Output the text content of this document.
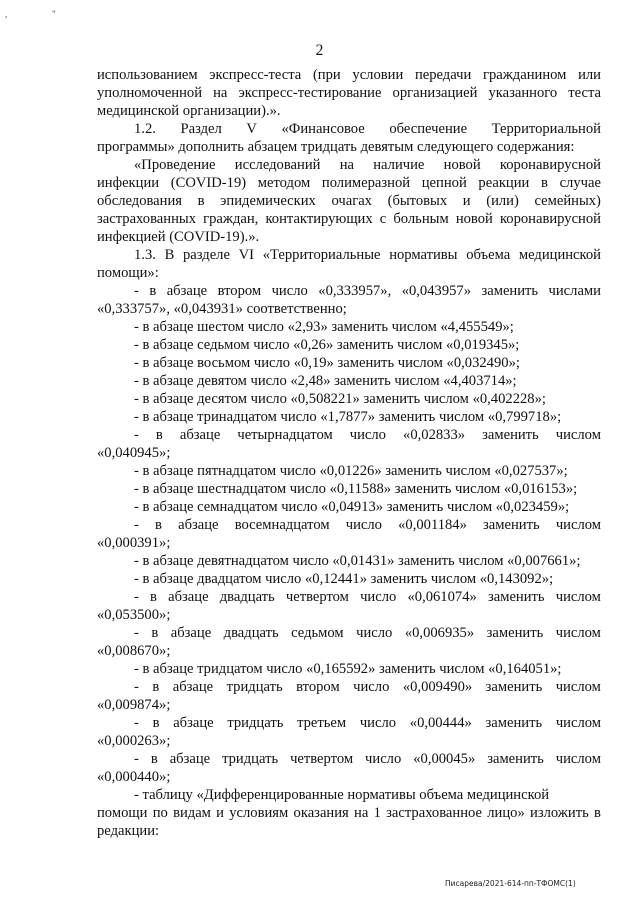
,	"
2
использованием экспресс-теста (при условии передачи гражданином или
уполномоченной на экспресс-тестирование организацией указанного теста
медицинской организации).».
1.2. Раздел V «Финансовое обеспечение Территориальной
программы» дополнить абзацем тридцать девятым следующего содержания:
«Проведение исследований на наличие новой коронавирусной
инфекции (COVID-19) методом полимеразной цепной реакции в случае
обследования в эпидемических очагах (бытовых и (или) семейных)
застрахованных граждан, контактирующих с больным новой коронавирусной
инфекцией (COVID-19).».
1.3. В разделе VI «Территориальные нормативы объема медицинской
помощи»:
- в абзаце втором число «0,333957», «0,043957» заменить числами
«0,333757», «0,043931» соответственно;
- в абзаце шестом число «2,93» заменить числом «4,455549»;
- в абзаце седьмом число «0,26» заменить числом «0,019345»;
- в абзаце восьмом число «0,19» заменить числом «0,032490»;
- в абзаце девятом число «2,48» заменить числом «4,403714»;
- в абзаце десятом число «0,508221» заменить числом «0,402228»;
- в абзаце тринадцатом число «1,7877» заменить числом «0,799718»;
- в абзаце четырнадцатом число «0,02833» заменить числом
«0,040945»;
- в абзаце пятнадцатом число «0,01226» заменить числом «0,027537»;
- в абзаце шестнадцатом число «0,11588» заменить числом «0,016153»;
- в абзаце семнадцатом число «0,04913» заменить числом «0,023459»;
- в абзаце восемнадцатом число «0,001184» заменить числом
«0,000391»;
- в абзаце девятнадцатом число «0,01431» заменить числом «0,007661»;
- в абзаце двадцатом число «0,12441» заменить числом «0,143092»;
- в абзаце двадцать четвертом число «0,061074» заменить числом
«0,053500»;
- в абзаце двадцать седьмом число «0,006935» заменить числом
«0,008670»;
- в абзаце тридцатом число «0,165592» заменить числом «0,164051»;
- в абзаце тридцать втором число «0,009490» заменить числом
«0,009874»;
- в абзаце тридцать третьем число «0,00444» заменить числом
«0,000263»;
- в абзаце тридцать четвертом число «0,00045» заменить числом
«0,000440»;
- таблицу «Дифференцированные нормативы объема медицинской
помощи по видам и условиям оказания на 1 застрахованное лицо» изложить в
редакции:
Писарева/2021-614-пп-ТФОМС(1)
